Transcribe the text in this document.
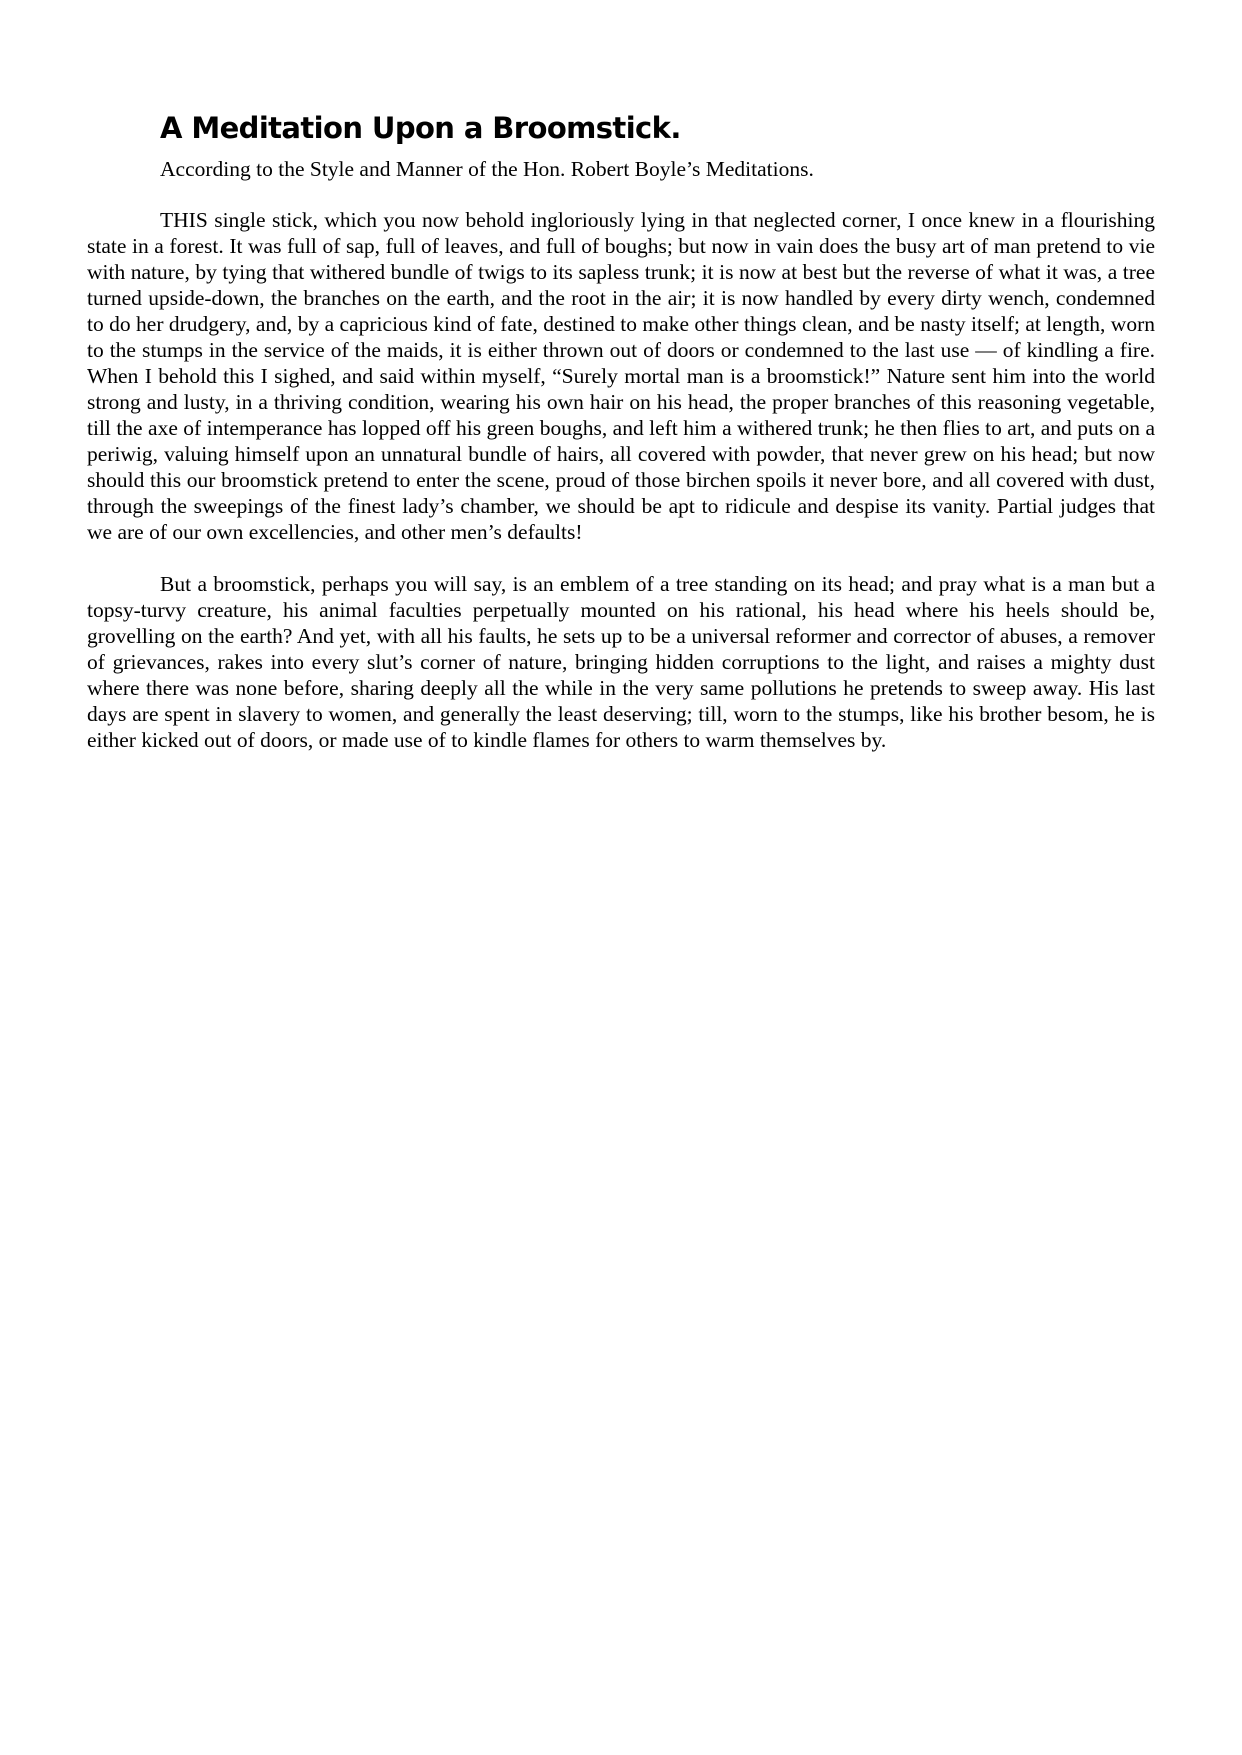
A Meditation Upon a Broomstick.
According to the Style and Manner of the Hon. Robert Boyle’s Meditations.

THIS single stick, which you now behold ingloriously lying in that neglected corner, I once knew in a flourishing state in a forest. It was full of sap, full of leaves, and full of boughs; but now in vain does the busy art of man pretend to vie with nature, by tying that withered bundle of twigs to its sapless trunk; it is now at best but the reverse of what it was, a tree turned upside-down, the branches on the earth, and the root in the air; it is now handled by every dirty wench, condemned to do her drudgery, and, by a capricious kind of fate, destined to make other things clean, and be nasty itself; at length, worn to the stumps in the service of the maids, it is either thrown out of doors or condemned to the last use — of kindling a fire. When I behold this I sighed, and said within myself, “Surely mortal man is a broomstick!” Nature sent him into the world strong and lusty, in a thriving condition, wearing his own hair on his head, the proper branches of this reasoning vegetable, till the axe of intemperance has lopped off his green boughs, and left him a withered trunk; he then flies to art, and puts on a periwig, valuing himself upon an unnatural bundle of hairs, all covered with powder, that never grew on his head; but now should this our broomstick pretend to enter the scene, proud of those birchen spoils it never bore, and all covered with dust, through the sweepings of the finest lady’s chamber, we should be apt to ridicule and despise its vanity. Partial judges that we are of our own excellencies, and other men’s defaults!

But a broomstick, perhaps you will say, is an emblem of a tree standing on its head; and pray what is a man but a topsy-turvy creature, his animal faculties perpetually mounted on his rational, his head where his heels should be, grovelling on the earth? And yet, with all his faults, he sets up to be a universal reformer and corrector of abuses, a remover of grievances, rakes into every slut’s corner of nature, bringing hidden corruptions to the light, and raises a mighty dust where there was none before, sharing deeply all the while in the very same pollutions he pretends to sweep away. His last days are spent in slavery to women, and generally the least deserving; till, worn to the stumps, like his brother besom, he is either kicked out of doors, or made use of to kindle flames for others to warm themselves by.
